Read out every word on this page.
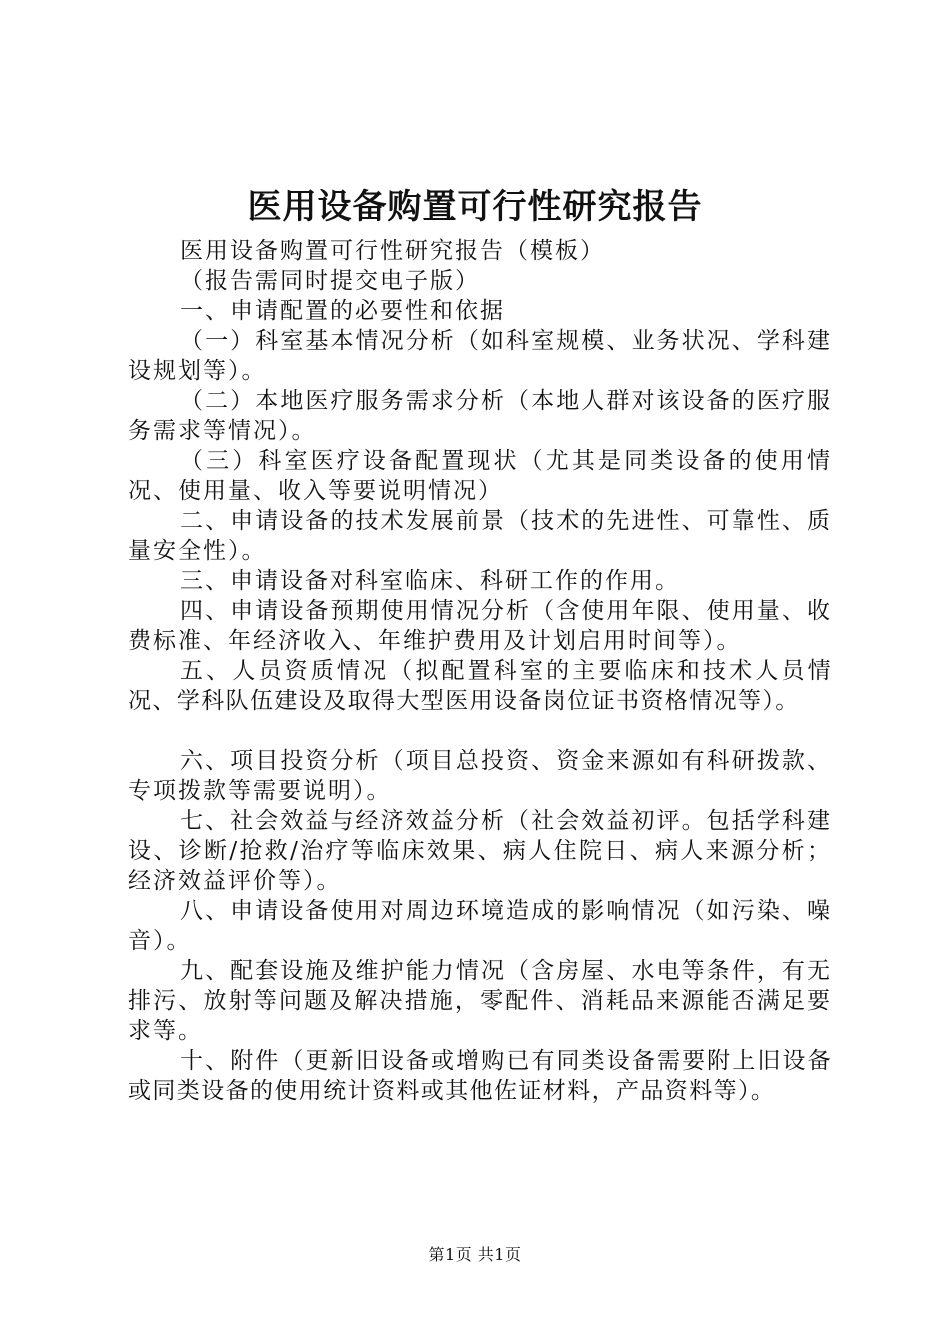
医用设备购置可行性研究报告

医用设备购置可行性研究报告（模板）

（报告需同时提交电子版）

一、申请配置的必要性和依据

（一）科室基本情况分析（如科室规模、业务状况、学科建设规划等）。

（二）本地医疗服务需求分析（本地人群对该设备的医疗服务需求等情况）。

（三）科室医疗设备配置现状（尤其是同类设备的使用情况、使用量、收入等要说明情况）

二、申请设备的技术发展前景（技术的先进性、可靠性、质量安全性）。

三、申请设备对科室临床、科研工作的作用。

四、申请设备预期使用情况分析（含使用年限、使用量、收费标准、年经济收入、年维护费用及计划启用时间等）。

五、人员资质情况（拟配置科室的主要临床和技术人员情况、学科队伍建设及取得大型医用设备岗位证书资格情况等）。

六、项目投资分析（项目总投资、资金来源如有科研拨款、专项拨款等需要说明）。

七、社会效益与经济效益分析（社会效益初评。包括学科建设、诊断/抢救/治疗等临床效果、病人住院日、病人来源分析；经济效益评价等）。

八、申请设备使用对周边环境造成的影响情况（如污染、噪音）。

九、配套设施及维护能力情况（含房屋、水电等条件，有无排污、放射等问题及解决措施，零配件、消耗品来源能否满足要求等。

十、附件（更新旧设备或增购已有同类设备需要附上旧设备或同类设备的使用统计资料或其他佐证材料，产品资料等）。

第1页 共1页
